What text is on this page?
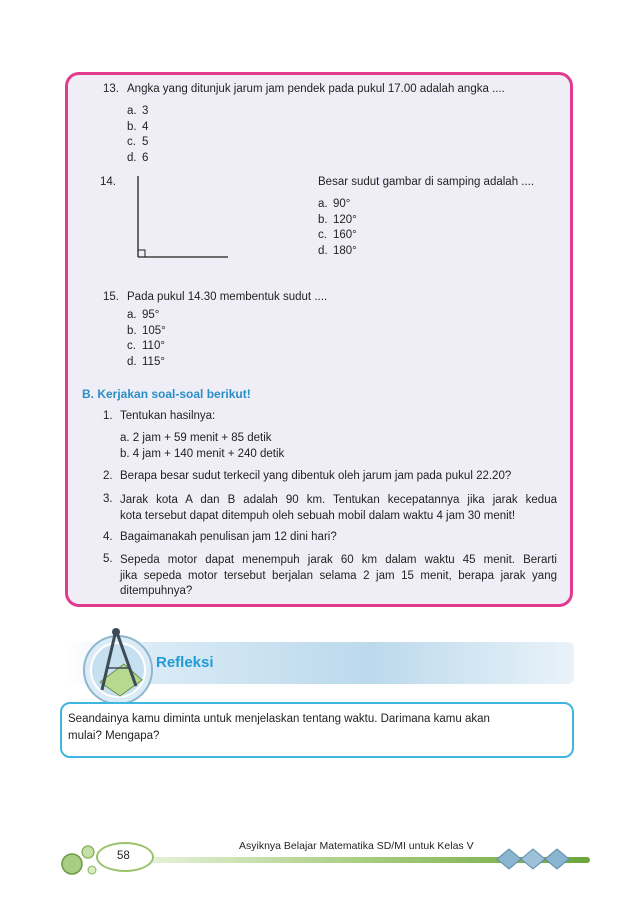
13. Angka yang ditunjuk jarum jam pendek pada pukul 17.00 adalah angka ....
a. 3
b. 4
c. 5
d. 6
14.	Besar sudut gambar di samping adalah ....
a. 90°
b. 120°
c. 160°
d. 180°
15. Pada pukul 14.30 membentuk sudut ....
a. 95°
b. 105°
c. 110°
d. 115°
B. Kerjakan soal-soal berikut!
1. Tentukan hasilnya:
a. 2 jam + 59 menit + 85 detik
b. 4 jam + 140 menit + 240 detik
2. Berapa besar sudut terkecil yang dibentuk oleh jarum jam pada pukul 22.20?
3. Jarak kota A dan B adalah 90 km. Tentukan kecepatannya jika jarak kedua
kota tersebut dapat ditempuh oleh sebuah mobil dalam waktu 4 jam 30 menit!
4. Bagaimanakah penulisan jam 12 dini hari?
5. Sepeda motor dapat menempuh jarak 60 km dalam waktu 45 menit. Berarti
jika sepeda motor tersebut berjalan selama 2 jam 15 menit, berapa jarak yang
ditempuhnya?
Refleksi
Seandainya kamu diminta untuk menjelaskan tentang waktu. Darimana kamu akan
mulai? Mengapa?
Asyiknya Belajar Matematika SD/MI untuk Kelas V
58
